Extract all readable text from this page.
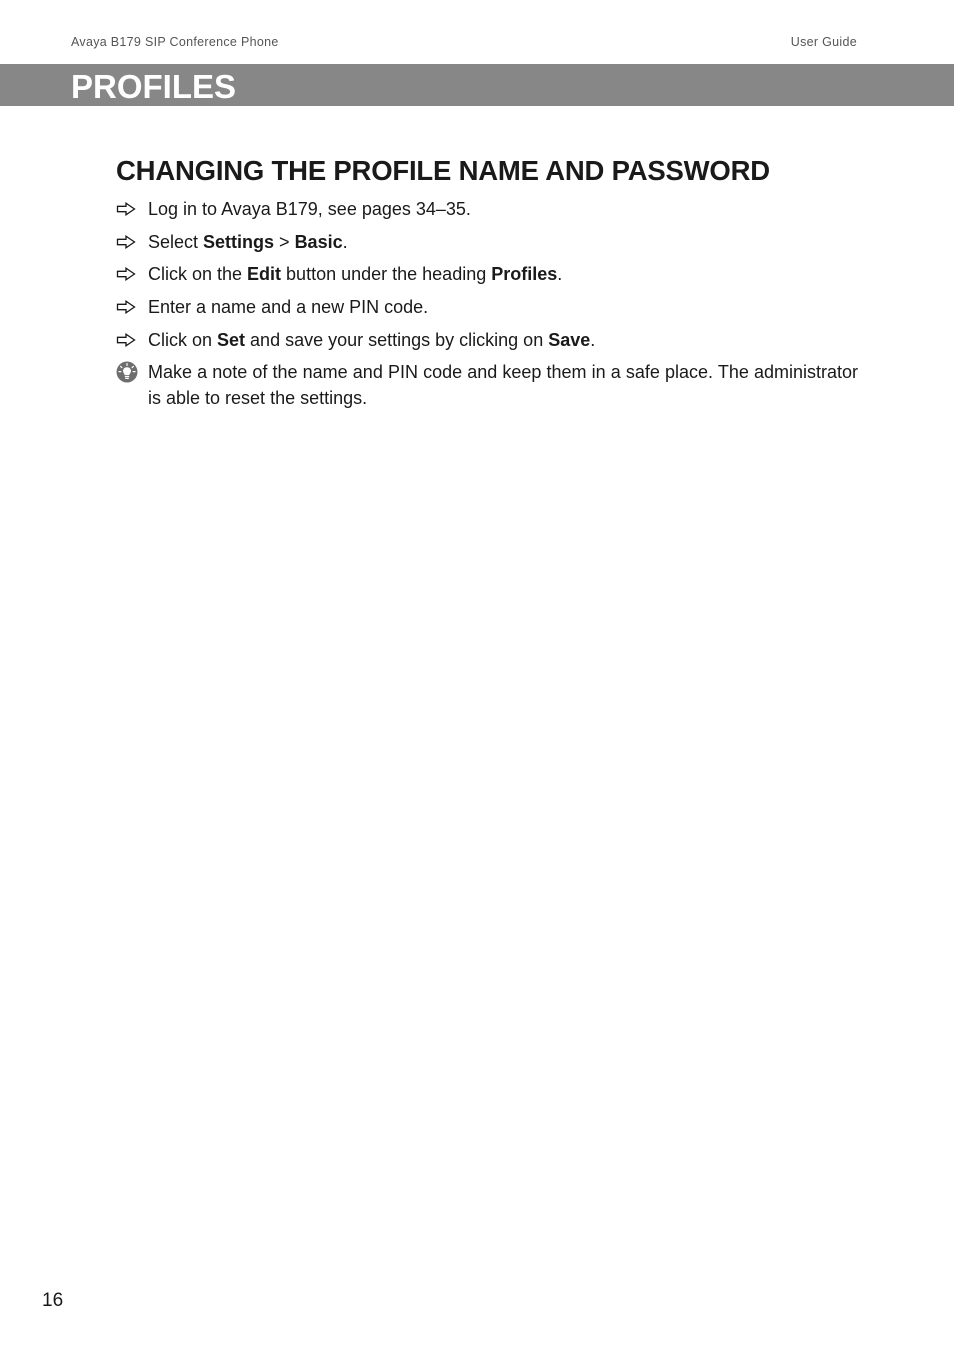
Avaya B179 SIP Conference Phone	User Guide
PROFILES
CHANGING THE PROFILE NAME AND PASSWORD
Log in to Avaya B179, see pages 34–35.
Select Settings > Basic.
Click on the Edit button under the heading Profiles.
Enter a name and a new PIN code.
Click on Set and save your settings by clicking on Save.
Make a note of the name and PIN code and keep them in a safe place. The administrator is able to reset the settings.
16
